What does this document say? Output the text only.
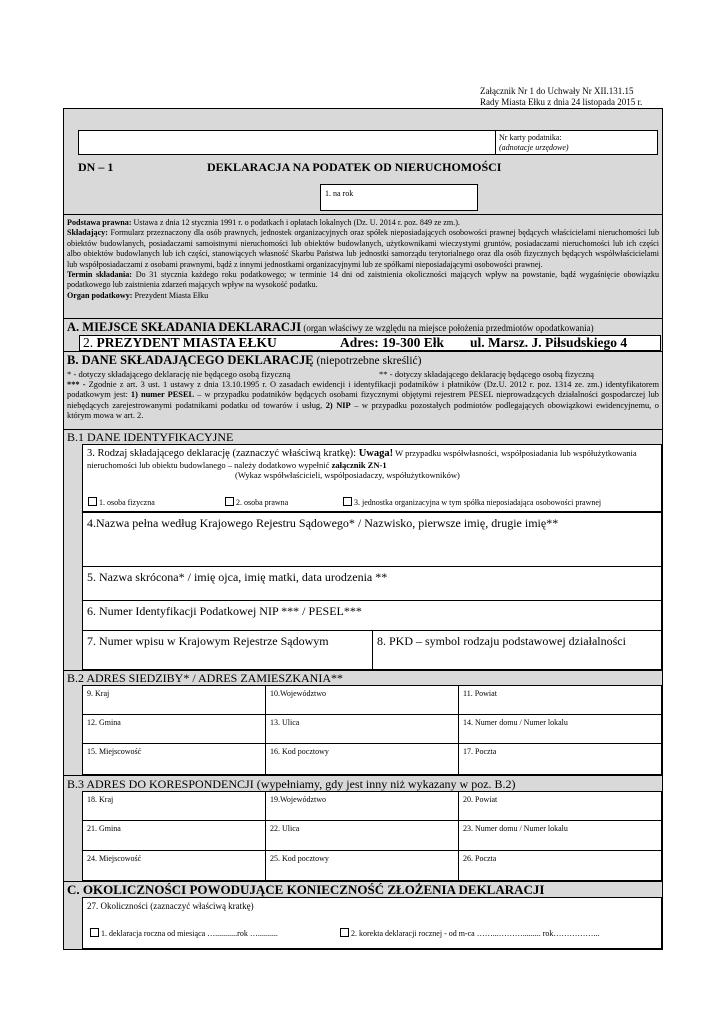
Załącznik Nr 1 do Uchwały Nr XII.131.15
Rady Miasta Ełku z dnia 24 listopada 2015 r.
Nr karty podatnika:
(adnotacje urzędowe)
DN – 1	DEKLARACJA NA PODATEK OD NIERUCHOMOŚCI
1. na rok
Podstawa prawna: Ustawa z dnia 12 stycznia 1991 r. o podatkach i opłatach lokalnych (Dz. U. 2014 r. poz. 849 ze zm.).
Składający: Formularz przeznaczony dla osób prawnych, jednostek organizacyjnych oraz spółek nieposiadających osobowości prawnej będących właścicielami nieruchomości lub obiektów budowlanych, posiadaczami samoistnymi nieruchomości lub obiektów budowlanych, użytkownikami wieczystymi gruntów, posiadaczami nieruchomości lub ich części albo obiektów budowlanych lub ich części, stanowiących własność Skarbu Państwa lub jednostki samorządu terytorialnego oraz dla osób fizycznych będących współwłaścicielami lub współposiadaczami z osobami prawnymi, bądź z innymi jednostkami organizacyjnymi lub ze spółkami nieposiadającymi osobowości prawnej.
Termin składania: Do 31 stycznia każdego roku podatkowego; w terminie 14 dni od zaistnienia okoliczności mających wpływ na powstanie, bądź wygaśnięcie obowiązku podatkowego lub zaistnienia zdarzeń mających wpływ na wysokość podatku.
Organ podatkowy: Prezydent Miasta Ełku
A. MIEJSCE SKŁADANIA DEKLARACJI (organ właściwy ze względu na miejsce położenia przedmiotów opodatkowania)
2. PREZYDENT MIASTA EŁKU	Adres: 19-300 Ełk ul. Marsz. J. Piłsudskiego 4
B. DANE SKŁADAJĄCEGO DEKLARACJĘ (niepotrzebne skreślić)
* - dotyczy składającego deklarację nie będącego osobą fizyczną	** - dotyczy składającego deklarację będącego osobą fizyczną
*** - Zgodnie z art. 3 ust. 1 ustawy z dnia 13.10.1995 r. O zasadach ewidencji i identyfikacji podatników i płatników (Dz.U. 2012 r. poz. 1314 ze. zm.) identyfikatorem podatkowym jest: 1) numer PESEL – w przypadku podatników będących osobami fizycznymi objętymi rejestrem PESEL nieprowadzących działalności gospodarczej lub niebędących zarejestrowanymi podatnikami podatku od towarów i usług, 2) NIP – w przypadku pozostałych podmiotów podlegających obowiązkowi ewidencyjnemu, o którym mowa w art. 2.
B.1 DANE IDENTYFIKACYJNE
3. Rodzaj składającego deklarację (zaznaczyć właściwą kratkę): Uwaga! W przypadku współwłasności, współposiadania lub współużytkowania nieruchomości lub obiektu budowlanego – należy dodatkowo wypełnić załącznik ZN-1
(Wykaz współwłaścicieli, współposiadaczy, współużytkowników)
1. osoba fizyczna	2. osoba prawna	3. jednostka organizacyjna w tym spółka nieposiadająca osobowości prawnej
4.Nazwa pełna według Krajowego Rejestru Sądowego* / Nazwisko, pierwsze imię, drugie imię**
5. Nazwa skrócona* / imię ojca, imię matki, data urodzenia **
6. Numer Identyfikacji Podatkowej NIP *** / PESEL***
7. Numer wpisu w Krajowym Rejestrze Sądowym	8. PKD – symbol rodzaju podstawowej działalności
B.2 ADRES SIEDZIBY* / ADRES ZAMIESZKANIA**
9. Kraj	10.Województwo	11. Powiat
12. Gmina	13. Ulica	14. Numer domu / Numer lokalu
15. Miejscowość	16. Kod pocztowy	17. Poczta
B.3 ADRES DO KORESPONDENCJI (wypełniamy, gdy jest inny niż wykazany w poz. B.2)
18. Kraj	19.Województwo	20. Powiat
21. Gmina	22. Ulica	23. Numer domu / Numer lokalu
24. Miejscowość	25. Kod pocztowy	26. Poczta
C. OKOLICZNOŚCI POWODUJĄCE KONIECZNOŚĆ ZŁOŻENIA DEKLARACJI
27. Okoliczności (zaznaczyć właściwą kratkę)
1. deklaracja roczna od miesiąca …...........rok …..........	2. korekta deklaracji rocznej - od m-ca ……...………......... rok……………...
